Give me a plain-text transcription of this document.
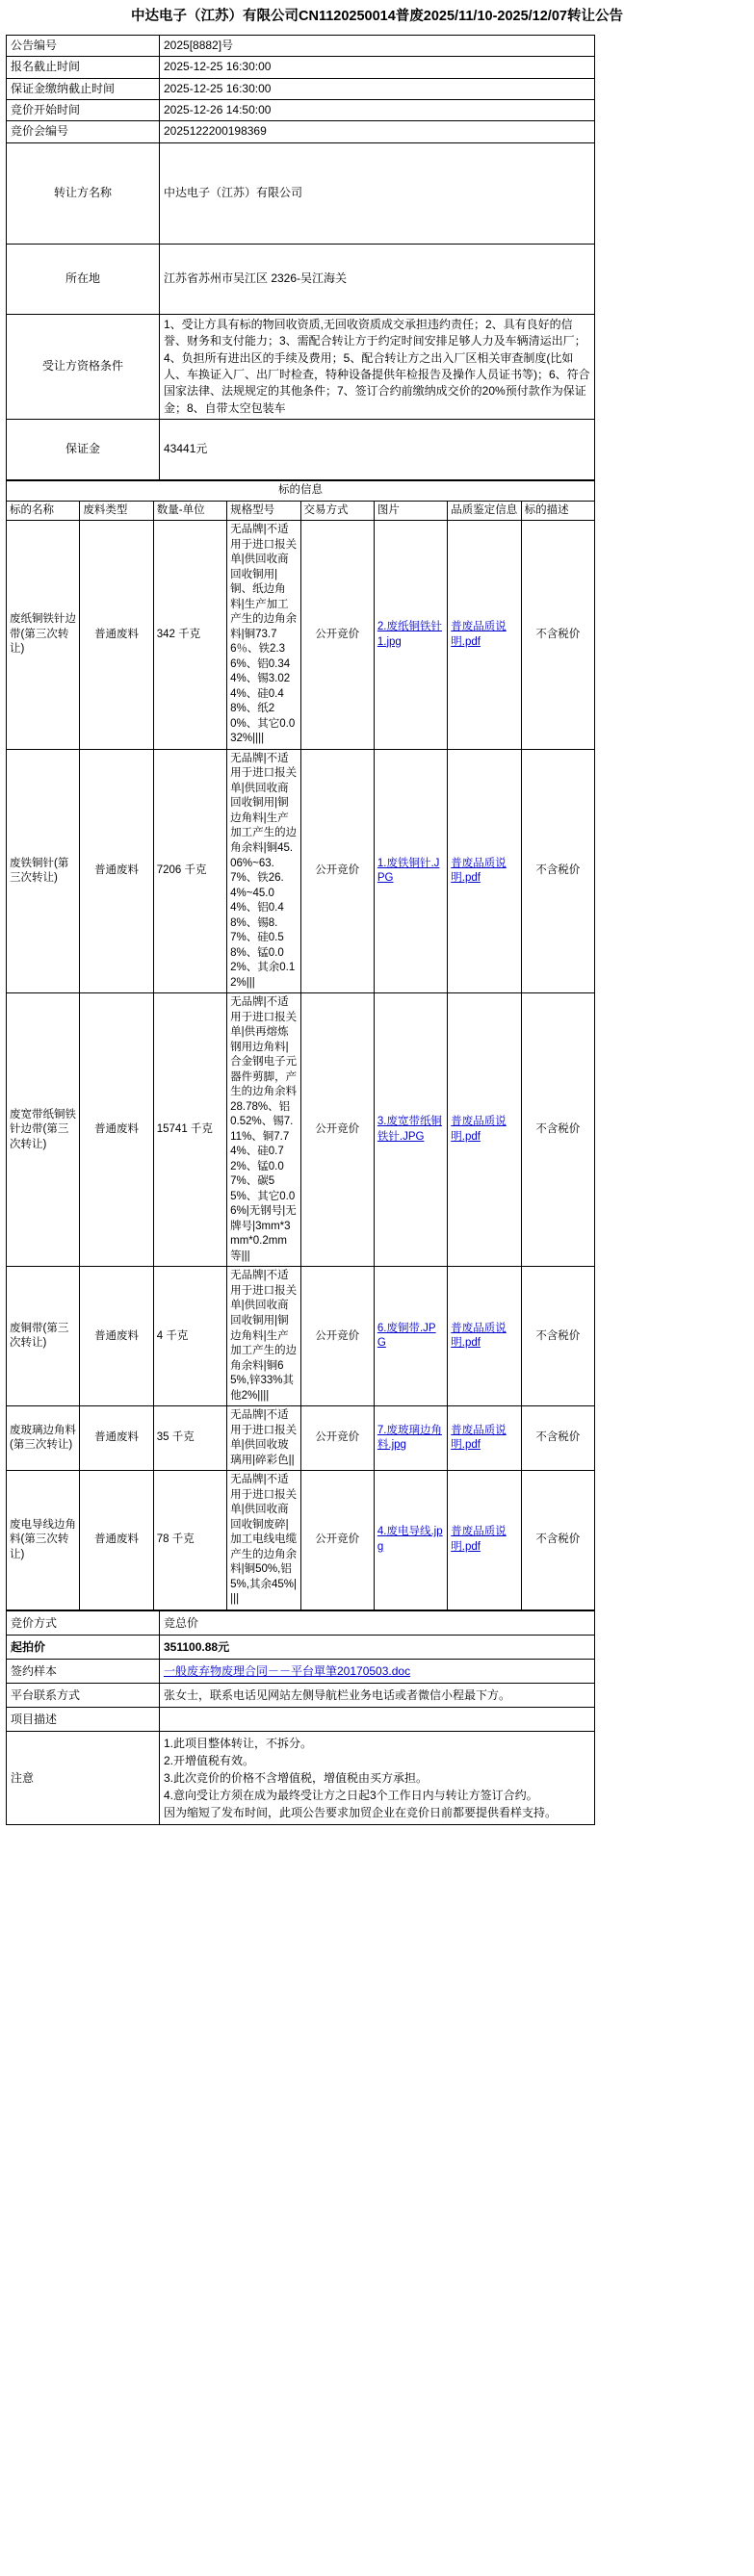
中达电子（江苏）有限公司CN1120250014普废2025/11/10-2025/12/07转让公告
公告编号	2025[8882]号
报名截止时间	2025-12-25 16:30:00
保证金缴纳截止时间	2025-12-25 16:30:00
竞价开始时间	2025-12-26 14:50:00
竞价会编号	2025122200198369
转让方名称	中达电子（江苏）有限公司
所在地	江苏省苏州市吴江区 2326-吴江海关
受让方资格条件	1、受让方具有标的物回收资质,无回收资质成交承担违约责任；2、具有良好的信誉、财务和支付能力；3、需配合转让方于约定时间安排足够人力及车辆清运出厂；4、负担所有进出区的手续及费用；5、配合转让方之出入厂区相关审查制度(比如人、车换证入厂、出厂时检查，特种设备提供年检报告及操作人员证书等)；6、符合国家法律、法规规定的其他条件；7、签订合约前缴纳成交价的20%预付款作为保证金；8、自带太空包装车
保证金	43441元
标的信息							
标的名称	废料类型	数量-单位	规格型号	交易方式	图片	品质鉴定信息	标的描述
废纸铜铁针边带(第三次转让)	普通废料	342 千克	无品牌|不适用于进口报关单|供回收商回收铜用|铜、纸边角料|生产加工产生的边角余料|铜73.76％、铁2.36%、铝0.344%、锡3.024%、硅0.48%、纸20%、其它0.032%||||	公开竞价	2.废纸铜铁针1.jpg	普废品质说明.pdf	不含税价
废铁铜针(第三次转让)	普通废料	7206 千克	无品牌|不适用于进口报关单|供回收商回收铜用|铜边角料|生产加工产生的边角余料|铜45.06%~63.7%、铁26.4%~45.04%、铝0.48%、锡8.7%、硅0.58%、锰0.02%、其余0.12%|||	公开竞价	1.废铁铜针.JPG	普废品质说明.pdf	不含税价
废宽带纸铜铁针边带(第三次转让)	普通废料	15741 千克	无品牌|不适用于进口报关单|供再熔炼钢用边角料|合金钢电子元器件剪脚，产生的边角余料28.78%、铝0.52%、锡7.11%、铜7.74%、硅0.72%、锰0.07%、碳55%、其它0.06%|无钢号|无牌号|3mm*3mm*0.2mm等|||	公开竞价	3.废宽带纸铜铁针.JPG	普废品质说明.pdf	不含税价
废铜带(第三次转让)	普通废料	4 千克	无品牌|不适用于进口报关单|供回收商回收铜用|铜边角料|生产加工产生的边角余料|铜65%,锌33%其他2%||||	公开竞价	6.废铜带.JPG	普废品质说明.pdf	不含税价
废玻璃边角料(第三次转让)	普通废料	35 千克	无品牌|不适用于进口报关单|供回收玻璃用|碎彩色||	公开竞价	7.废玻璃边角料.jpg	普废品质说明.pdf	不含税价
废电导线边角料(第三次转让)	普通废料	78 千克	无品牌|不适用于进口报关单|供回收商回收铜废碎|加工电线电缆产生的边角余料|铜50%,铝5%,其余45%||||	公开竞价	4.废电导线.jpg	普废品质说明.pdf	不含税价
竞价方式	竞总价
起拍价	351100.88元
签约样本	一般废弃物废理合同－－平台單筆20170503.doc
平台联系方式	张女士，联系电话见网站左侧导航栏业务电话或者微信小程最下方。
项目描述	
注意	1.此项目整体转让，不拆分。
2.开增值税有效。
3.此次竞价的价格不含增值税，增值税由买方承担。
4.意向受让方须在成为最终受让方之日起3个工作日内与转让方签订合约。
因为缩短了发布时间，此项公告要求加贸企业在竞价日前都要提供看样支持。
